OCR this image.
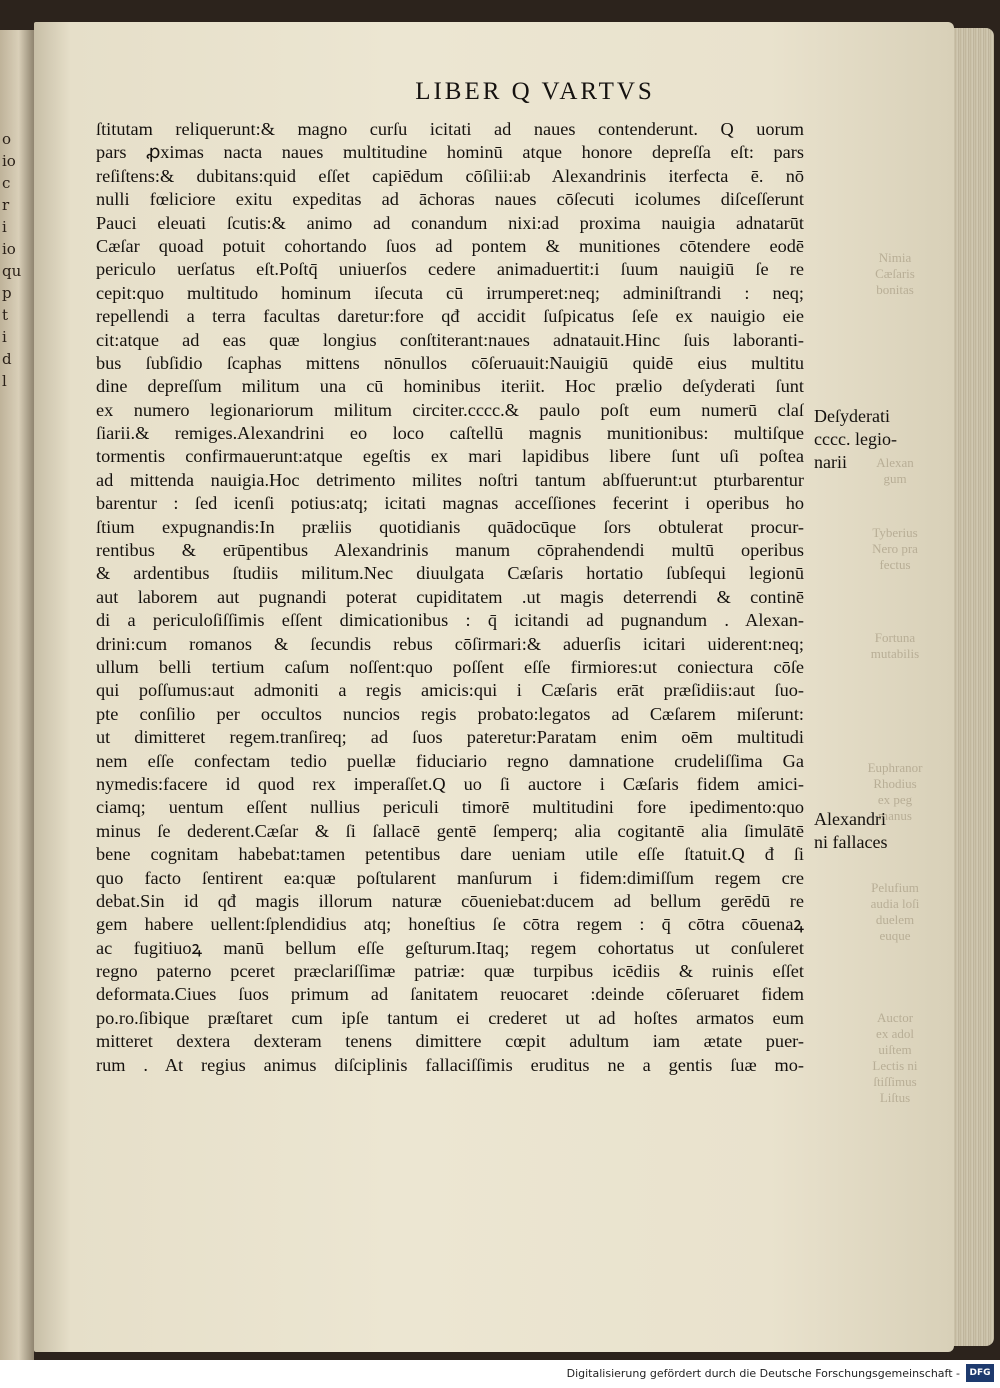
o
io
c
r
i
io
qu
p
t
i
d
l
LIBER Q VARTVS
ſtitutam reliquerunt:& magno curſu icitati ad naues contenderunt. Q uorum
pars ꝓximas nacta naues multitudine hominū atque honore depreſſa eſt: pars
reſiſtens:& dubitans:quid eſſet capiēdum cōſilii:ab Alexandrinis iterfecta ē. nō
nulli fœliciore exitu expeditas ad āchoras naues cōſecuti icolumes diſceſſerunt
Pauci eleuati ſcutis:& animo ad conandum nixi:ad proxima nauigia adnatarūt
Cæſar quoad potuit cohortando ſuos ad pontem & munitiones cōtendere eodē
periculo uerſatus eſt.Poſtq̄ uniuerſos cedere animaduertit:i ſuum nauigiū ſe re
cepit:quo multitudo hominum iſecuta cū irrumperet:neq; adminiſtrandi : neq;
repellendi a terra facultas daretur:fore qđ accidit ſuſpicatus ſeſe ex nauigio eie
cit:atque ad eas quæ longius conſtiterant:naues adnatauit.Hinc ſuis laboranti-
bus ſubſidio ſcaphas mittens nōnullos cōſeruauit:Nauigiū quidē eius multitu
dine depreſſum militum una cū hominibus iteriit. Hoc prælio deſyderati ſunt
ex numero legionariorum militum circiter.cccc.& paulo poſt eum numerū claſ
ſiarii.& remiges.Alexandrini eo loco caſtellū magnis munitionibus: multiſque
tormentis confirmauerunt:atque egeſtis ex mari lapidibus libere ſunt uſi poſtea
ad mittenda nauigia.Hoc detrimento milites noſtri tantum abſfuerunt:ut pturbarentur
barentur : ſed icenſi potius:atq; icitati magnas acceſſiones fecerint i operibus ho
ſtium expugnandis:In præliis quotidianis quādocūque ſors obtulerat procur-
rentibus & erūpentibus Alexandrinis manum cōprahendendi multū operibus
& ardentibus ſtudiis militum.Nec diuulgata Cæſaris hortatio ſubſequi legionū
aut laborem aut pugnandi poterat cupiditatem .ut magis deterrendi & continē
di a periculoſiſſimis eſſent dimicationibus : q̄ icitandi ad pugnandum . Alexan-
drini:cum romanos & ſecundis rebus cōſirmari:& aduerſis icitari uiderent:neq;
ullum belli tertium caſum noſſent:quo poſſent eſſe firmiores:ut coniectura cōſe
qui poſſumus:aut admoniti a regis amicis:qui i Cæſaris erāt præſidiis:aut ſuo-
pte conſilio per occultos nuncios regis probato:legatos ad Cæſarem miſerunt:
ut dimitteret regem.tranſireq; ad ſuos pateretur:Paratam enim oēm multitudi
nem eſſe confectam tedio puellæ fiduciario regno damnatione crudeliſſima Ga
nymedis:facere id quod rex imperaſſet.Q uo ſi auctore i Cæſaris fidem amici-
ciamq; uentum eſſent nullius periculi timorē multitudini fore ipedimento:quo
minus ſe dederent.Cæſar & ſi ſallacē gentē ſemperq; alia cogitantē alia ſimulātē
bene cognitam habebat:tamen petentibus dare ueniam utile eſſe ſtatuit.Q đ ſi
quo facto ſentirent ea:quæ poſtularent manſurum i fidem:dimiſſum regem cre
debat.Sin id qđ magis illorum naturæ cōueniebat:ducem ad bellum gerēdū re
gem habere uellent:ſplendidius atq; honeſtius ſe cōtra regem : q̄ cōtra cōuenaꝝ
ac fugitiuoꝝ manū bellum eſſe geſturum.Itaq; regem cohortatus ut conſuleret
regno paterno pceret præclariſſimæ patriæ: quæ turpibus icēdiis & ruinis eſſet
deformata.Ciues ſuos primum ad ſanitatem reuocaret :deinde cōſeruaret fidem
po.ro.ſibique præſtaret cum ipſe tantum ei crederet ut ad hoſtes armatos eum
mitteret dextera dexteram tenens dimittere cœpit adultum iam ætate puer-
rum . At regius animus diſciplinis fallaciſſimis eruditus ne a gentis ſuæ mo-
Nimia
Cæſaris
bonitas
Alexan
gum
Tyberius
Nero pra
fectus
Fortuna
mutabilis
Euphranor
Rhodius
ex peg
manus
Pelufium
audia loſi
duelem
euque
Auctor
ex adol
uiſtem
Lectis ni
ſtiſſimus
Liſtus
Deſyderati
cccc. legio-
narii
Alexandri
ni fallaces
Digitalisierung gefördert durch die Deutsche Forschungsgemeinschaft -	DFG
